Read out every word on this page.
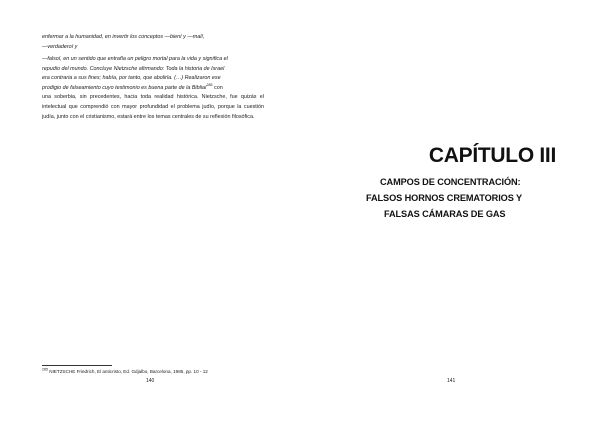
enfermar a la humanidad, en invertir los conceptos —biení y —malí,

—verdaderoí y

—falsoí, en un sentido que entraña un peligro mortal para la vida y significa el

repudio del mundo. Concluye Nietzsche afirmando: Toda la historia de Israel

era contraria a sus fines; había, por tanto, que abolirla. (…) Realizaron ese

prodigio de falseamiento cuyo testimonio es buena parte de la Bibliaí$^{285}$ con

una soberbia, sin precedentes, hacia toda realidad histórica. Nietzsche, fue quizás el intelectual que comprendió con mayor profundidad el problema judío, porque la cuestión judía, junto con el cristianismo, estará entre los temas centrales de su reflexión filosófica.

$^{285}$ NIETZSCHE Friedrich, El anticristo, Ed. Gdjalbo, Barcelona, 1985, pp. 10 - 12
140
CAPÍTULO III
CAMPOS DE CONCENTRACIÓN:
FALSOS HORNOS CREMATORIOS Y
FALSAS CÁMARAS DE GAS
141
